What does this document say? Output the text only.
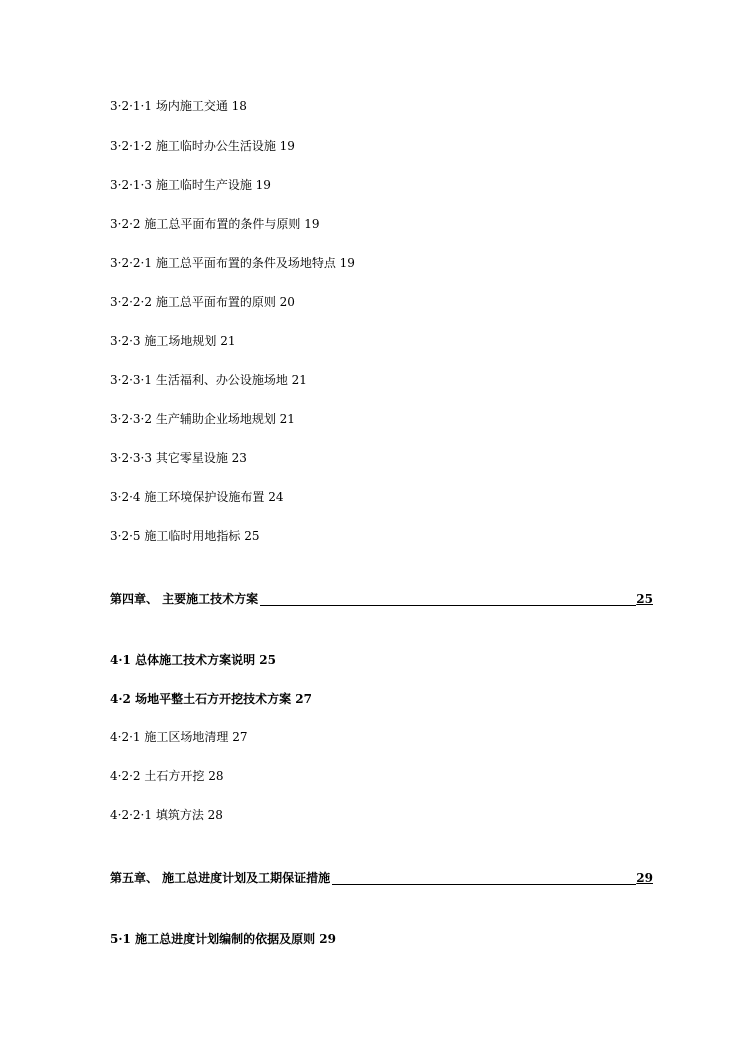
3·2·1·1 场内施工交通 18
3·2·1·2 施工临时办公生活设施 19
3·2·1·3 施工临时生产设施 19
3·2·2 施工总平面布置的条件与原则 19
3·2·2·1 施工总平面布置的条件及场地特点 19
3·2·2·2 施工总平面布置的原则 20
3·2·3 施工场地规划 21
3·2·3·1 生活福利、办公设施场地 21
3·2·3·2 生产辅助企业场地规划 21
3·2·3·3 其它零星设施 23
3·2·4 施工环境保护设施布置 24
3·2·5 施工临时用地指标 25
第四章、 主要施工技术方案	25
4·1 总体施工技术方案说明 25
4·2 场地平整土石方开挖技术方案 27
4·2·1 施工区场地清理 27
4·2·2 土石方开挖 28
4·2·2·1 填筑方法 28
第五章、 施工总进度计划及工期保证措施	29
5·1 施工总进度计划编制的依据及原则 29
